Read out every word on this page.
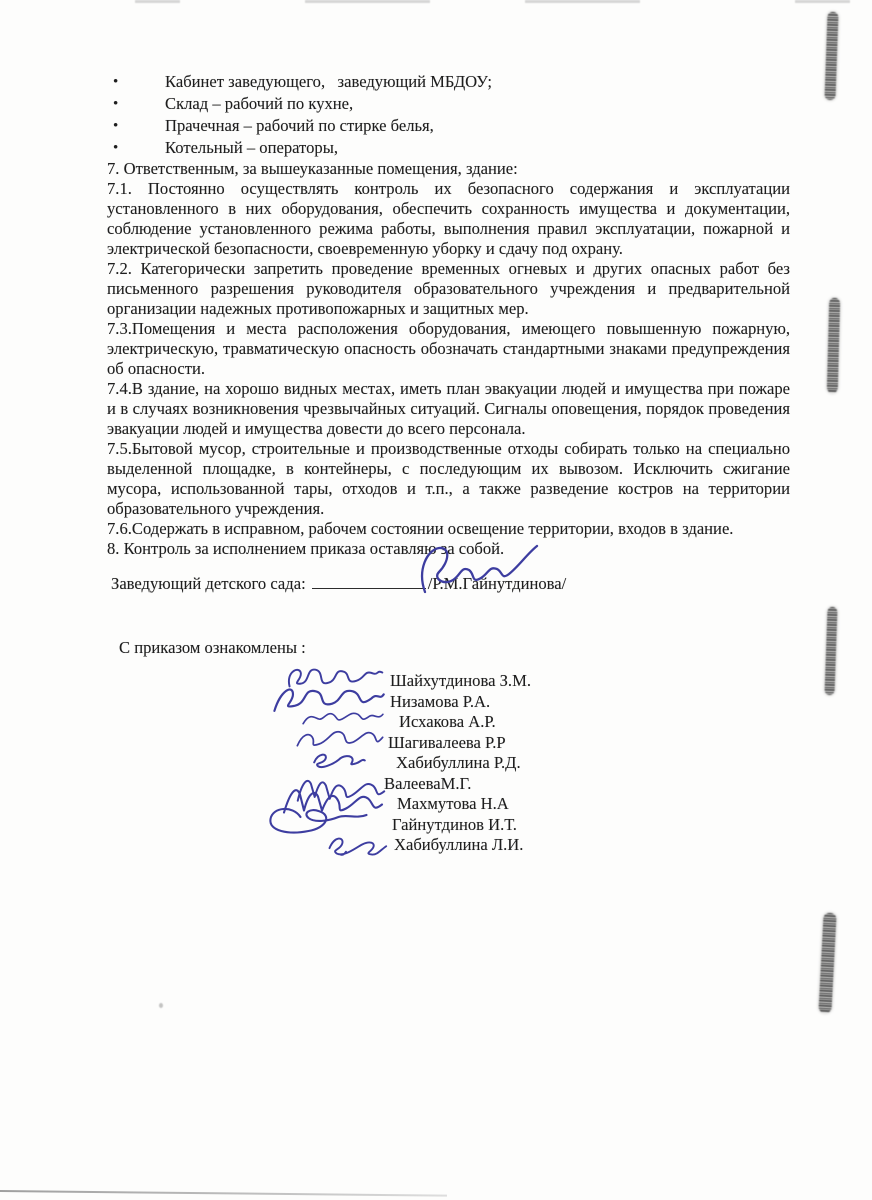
•	Кабинет заведующего,   заведующий МБДОУ;
•	Склад – рабочий по кухне,
•	Прачечная – рабочий по стирке белья,
•	Котельный – операторы,

7. Ответственным, за вышеуказанные помещения, здание:

7.1. Постоянно осуществлять контроль их безопасного содержания и эксплуатации установленного в них оборудования, обеспечить сохранность имущества и документации, соблюдение установленного режима работы, выполнения правил эксплуатации, пожарной и электрической безопасности, своевременную уборку и сдачу под охрану.

7.2. Категорически запретить проведение временных огневых и других опасных работ без письменного разрешения руководителя образовательного учреждения и предварительной организации надежных противопожарных и защитных мер.

7.3.Помещения и места расположения оборудования, имеющего повышенную пожарную, электрическую, травматическую опасность обозначать стандартными знаками предупреждения об опасности.

7.4.В здание, на хорошо видных местах, иметь план эвакуации людей и имущества при пожаре и в случаях возникновения чрезвычайных ситуаций. Сигналы оповещения, порядок проведения эвакуации людей и имущества довести до всего персонала.

7.5.Бытовой мусор, строительные и производственные отходы собирать только на специально выделенной площадке, в контейнеры, с последующим их вывозом. Исключить сжигание мусора, использованной тары, отходов и т.п., а также разведение костров на территории образовательного учреждения.

7.6.Содержать в исправном, рабочем состоянии освещение территории, входов в здание.

8. Контроль за исполнением приказа оставляю за собой.

Заведующий детского сада:	/Р.М.Гайнутдинова/

С приказом ознакомлены :

Шайхутдинова З.М.
Низамова Р.А.
Исхакова А.Р.
Шагивалеева Р.Р
Хабибуллина Р.Д.
ВалееваМ.Г.
Махмутова Н.А
Гайнутдинов И.Т.
Хабибуллина Л.И.
